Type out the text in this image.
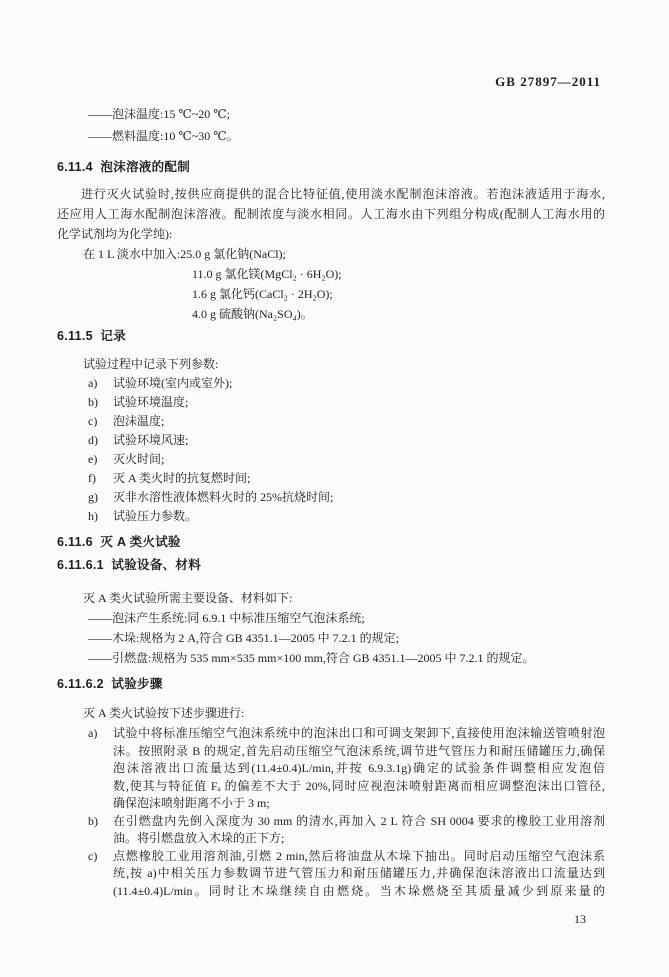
GB 27897—2011
——泡沫温度:15 ℃~20 ℃;
——燃料温度:10 ℃~30 ℃。
6.11.4  泡沫溶液的配制
进行灭火试验时,按供应商提供的混合比特征值,使用淡水配制泡沫溶液。若泡沫液适用于海水,
还应用人工海水配制泡沫溶液。配制浓度与淡水相同。人工海水由下列组分构成(配制人工海水用的
化学试剂均为化学纯):
在 1 L 淡水中加入:25.0 g 氯化钠(NaCl);
11.0 g 氯化镁(MgCl₂ · 6H₂O);
1.6 g 氯化钙(CaCl₂ · 2H₂O);
4.0 g 硫酸钠(Na₂SO₄)。
6.11.5  记录
试验过程中记录下列参数:
a)	试验环境(室内或室外);
b)	试验环境温度;
c)	泡沫温度;
d)	试验环境风速;
e)	灭火时间;
f)	灭 A 类火时的抗复燃时间;
g)	灭非水溶性液体燃料火时的 25%抗烧时间;
h)	试验压力参数。
6.11.6  灭 A 类火试验
6.11.6.1  试验设备、材料
灭 A 类火试验所需主要设备、材料如下:
——泡沫产生系统:同 6.9.1 中标准压缩空气泡沫系统;
——木垛:规格为 2 A,符合 GB 4351.1—2005 中 7.2.1 的规定;
——引燃盘:规格为 535 mm×535 mm×100 mm,符合 GB 4351.1—2005 中 7.2.1 的规定。
6.11.6.2  试验步骤
灭 A 类火试验按下述步骤进行:
a)	试验中将标准压缩空气泡沫系统中的泡沫出口和可调支架卸下,直接使用泡沫输送管喷射泡
沫。按照附录 B 的规定,首先启动压缩空气泡沫系统,调节进气管压力和耐压储罐压力,确保
泡沫溶液出口流量达到(11.4±0.4)L/min,并按 6.9.3.1g)确定的试验条件调整相应发泡倍
数,使其与特征值 Fₐ 的偏差不大于 20%,同时应视泡沫喷射距离而相应调整泡沫出口管径,
确保泡沫喷射距离不小于 3 m;
b)	在引燃盘内先倒入深度为 30 mm 的清水,再加入 2 L 符合 SH 0004 要求的橡胶工业用溶剂
油。将引燃盘放入木垛的正下方;
c)	点燃橡胶工业用溶剂油,引燃 2 min,然后将油盘从木垛下抽出。同时启动压缩空气泡沫系
统,按 a)中相关压力参数调节进气管压力和耐压储罐压力,并确保泡沫溶液出口流量达到
(11.4±0.4)L/min。同时让木垛继续自由燃烧。当木垛燃烧至其质量减少到原来量的
13
